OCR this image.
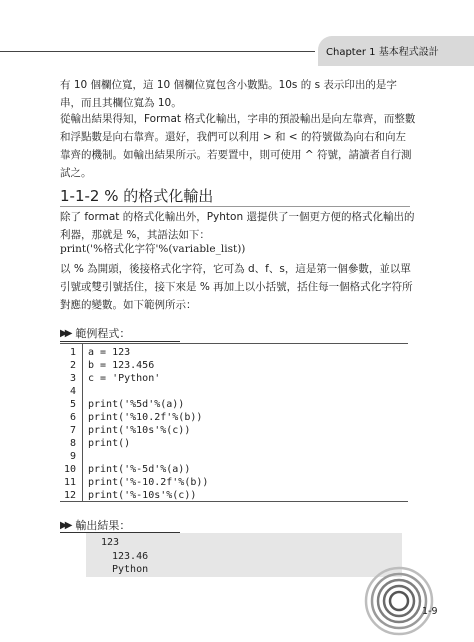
Chapter 1 基本程式設計
有 10 個欄位寬，這 10 個欄位寬包含小數點。10s 的 s 表示印出的是字串，而且其欄位寬為 10。
從輸出結果得知，Format 格式化輸出，字串的預設輸出是向左靠齊，而整數和浮點數是向右靠齊。還好，我們可以利用 > 和 < 的符號做為向右和向左靠齊的機制。如輸出結果所示。若要置中，則可使用 ^ 符號，請讀者自行測試之。
1-1-2 % 的格式化輸出
除了 format 的格式化輸出外，Pyhton 還提供了一個更方便的格式化輸出的利器，那就是 %，其語法如下：
print('%格式化字符'%(variable_list))
以 % 為開頭，後接格式化字符，它可為 d、f、s，這是第一個參數，並以單引號或雙引號括住，接下來是 % 再加上以小括號，括住每一個格式化字符所對應的變數。如下範例所示：
▶▶ 範例程式：
1 a = 123
2 b = 123.456
3 c = 'Python'
4
5 print('%5d'%(a))
6 print('%10.2f'%(b))
7 print('%10s'%(c))
8 print()
9
10 print('%-5d'%(a))
11 print('%-10.2f'%(b))
12 print('%-10s'%(c))
▶▶ 輸出結果：
123
123.46
Python
1-9
